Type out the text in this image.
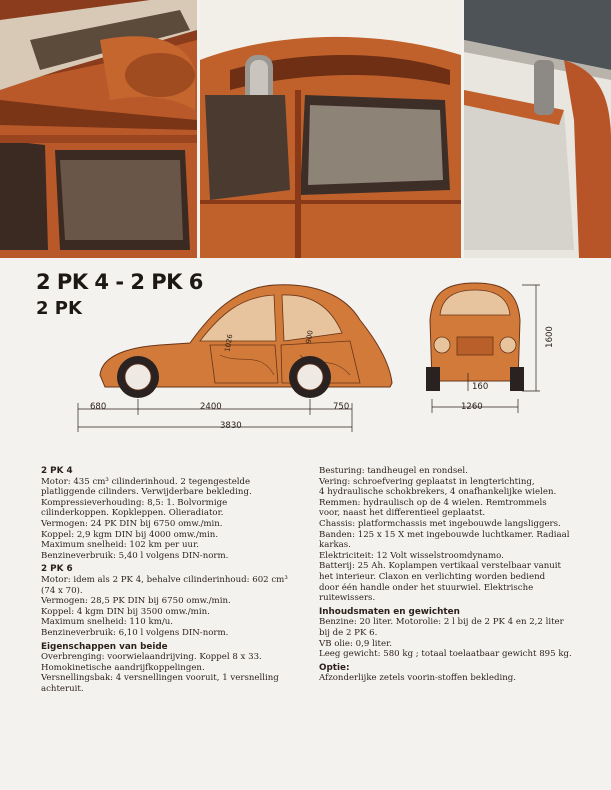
2 PK 4 - 2 PK 6
2 PK
680	2400	750
3830
1260
1600
160
1026	900

2 PK 4

Motor: 435 cm³ cilinderinhoud. 2 tegengestelde

platliggende cilinders. Verwijderbare bekleding.

Kompressieverhouding: 8,5: 1. Bolvormige

cilinderkoppen. Kopkleppen. Olieradiator.

Vermogen: 24 PK DIN bij 6750 omw./min.

Koppel: 2,9 kgm DIN bij 4000 omw./min.

Maximum snelheid: 102 km per uur.

Benzineverbruik: 5,40 l volgens DIN-norm.

2 PK 6

Motor: idem als 2 PK 4, behalve cilinderinhoud: 602 cm³

(74 x 70).

Vermogen: 28,5 PK DIN bij 6750 omw./min.

Koppel: 4 kgm DIN bij 3500 omw./min.

Maximum snelheid: 110 km/u.

Benzineverbruik: 6,10 l volgens DIN-norm.

Eigenschappen van beide

Overbrenging: voorwielaandrijving. Koppel 8 x 33.

Homokinetische aandrijfkoppelingen.

Versnellingsbak: 4 versnellingen vooruit, 1 versnelling

achteruit.

Besturing: tandheugel en rondsel.

Vering: schroefvering geplaatst in lengterichting,

4 hydraulische schokbrekers, 4 onafhankelijke wielen.

Remmen: hydraulisch op de 4 wielen. Remtrommels

voor, naast het differentieel geplaatst.

Chassis: platformchassis met ingebouwde langsliggers.

Banden: 125 x 15 X met ingebouwde luchtkamer. Radiaal

karkas.

Elektriciteit: 12 Volt wisselstroomdynamo.

Batterij: 25 Ah. Koplampen vertikaal verstelbaar vanuit

het interieur. Claxon en verlichting worden bediend

door één handle onder het stuurwiel. Elektrische

ruitewissers.

Inhoudsmaten en gewichten

Benzine: 20 liter. Motorolie: 2 l bij de 2 PK 4 en 2,2 liter

bij de 2 PK 6.

VB olie: 0,9 liter.

Leeg gewicht: 580 kg ; totaal toelaatbaar gewicht 895 kg.

Optie:

Afzonderlijke zetels voorin-stoffen bekleding.
